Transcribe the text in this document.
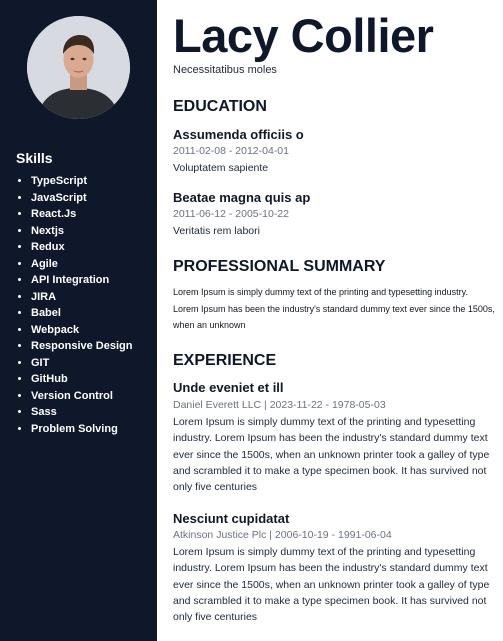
Skills
• TypeScript
• JavaScript
• React.Js
• Nextjs
• Redux
• Agile
• API Integration
• JIRA
• Babel
• Webpack
• Responsive Design
• GIT
• GitHub
• Version Control
• Sass
• Problem Solving
Lacy Collier
Necessitatibus moles
EDUCATION
Assumenda officiis o
2011-02-08 - 2012-04-01
Voluptatem sapiente
Beatae magna quis ap
2011-06-12 - 2005-10-22
Veritatis rem labori
PROFESSIONAL SUMMARY

Lorem Ipsum is simply dummy text of the printing and typesetting industry. Lorem Ipsum has been the industry's standard dummy text ever since the 1500s, when an unknown

EXPERIENCE
Unde eveniet et ill
Daniel Everett LLC | 2023-11-22 - 1978-05-03

Lorem Ipsum is simply dummy text of the printing and typesetting industry. Lorem Ipsum has been the industry's standard dummy text ever since the 1500s, when an unknown printer took a galley of type and scrambled it to make a type specimen book. It has survived not only five centuries

Nesciunt cupidatat
Atkinson Justice Plc | 2006-10-19 - 1991-06-04

Lorem Ipsum is simply dummy text of the printing and typesetting industry. Lorem Ipsum has been the industry's standard dummy text ever since the 1500s, when an unknown printer took a galley of type and scrambled it to make a type specimen book. It has survived not only five centuries
